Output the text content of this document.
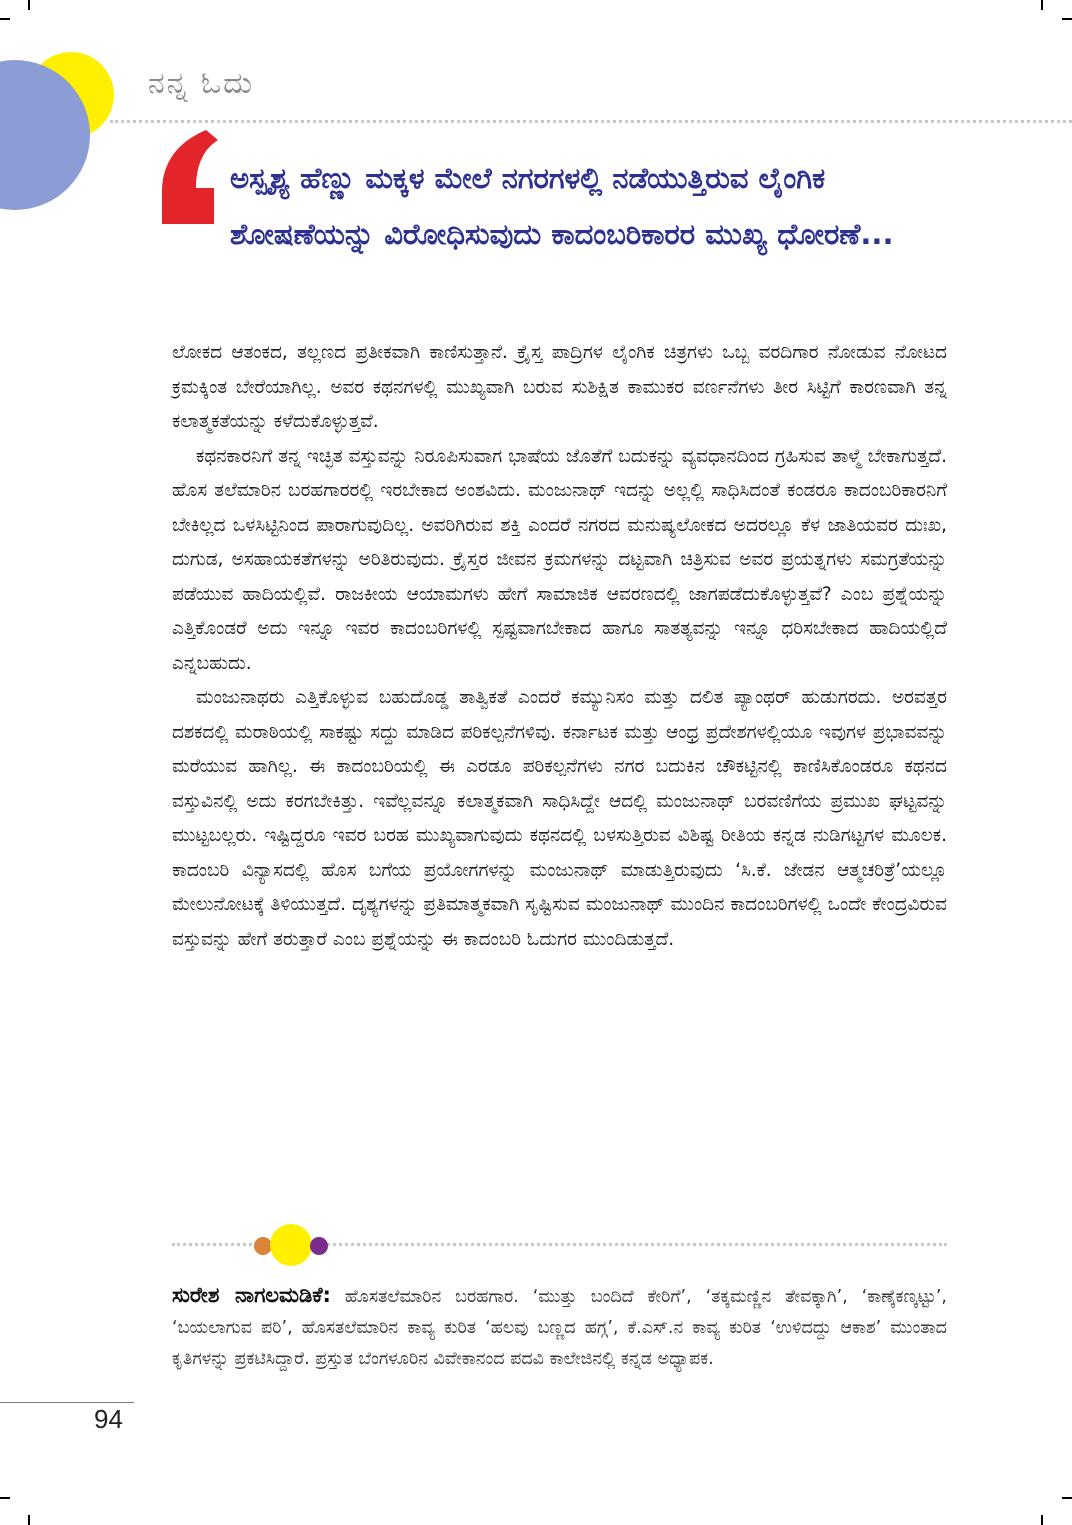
ನನ್ನ ಓದು

ಅಸ್ಪೃಶ್ಯ ಹೆಣ್ಣು ಮಕ್ಕಳ ಮೇಲೆ ನಗರಗಳಲ್ಲಿ ನಡೆಯುತ್ತಿರುವ ಲೈಂಗಿಕ ಶೋಷಣೆಯನ್ನು ವಿರೋಧಿಸುವುದು ಕಾದಂಬರಿಕಾರರ ಮುಖ್ಯ ಧೋರಣೆ...

ಲೋಕದ ಆತಂಕದ, ತಲ್ಲಣದ ಪ್ರತೀಕವಾಗಿ ಕಾಣಿಸುತ್ತಾನೆ. ಕ್ರೈಸ್ತ ಪಾದ್ರಿಗಳ ಲೈಂಗಿಕ ಚಿತ್ರಗಳು ಒಬ್ಬ ವರದಿಗಾರ ನೋಡುವ ನೋಟದ ಕ್ರಮಕ್ಕಿಂತ ಬೇರೆಯಾಗಿಲ್ಲ. ಅವರ ಕಥನಗಳಲ್ಲಿ ಮುಖ್ಯವಾಗಿ ಬರುವ ಸುಶಿಕ್ಷಿತ ಕಾಮುಕರ ವರ್ಣನೆಗಳು ತೀರ ಸಿಟ್ಟಿಗೆ ಕಾರಣವಾಗಿ ತನ್ನ ಕಲಾತ್ಮಕತೆಯನ್ನು ಕಳೆದುಕೊಳ್ಳುತ್ತವೆ.

ಕಥನಕಾರನಿಗೆ ತನ್ನ ಇಚ್ಛಿತ ವಸ್ತುವನ್ನು ನಿರೂಪಿಸುವಾಗ ಭಾಷೆಯ ಜೊತೆಗೆ ಬದುಕನ್ನು ವ್ಯವಧಾನದಿಂದ ಗ್ರಹಿಸುವ ತಾಳ್ಮೆ ಬೇಕಾಗುತ್ತದೆ. ಹೊಸ ತಲೆಮಾರಿನ ಬರಹಗಾರರಲ್ಲಿ ಇರಬೇಕಾದ ಅಂಶವಿದು. ಮಂಜುನಾಥ್ ಇದನ್ನು ಅಲ್ಲಲ್ಲಿ ಸಾಧಿಸಿದಂತೆ ಕಂಡರೂ ಕಾದಂಬರಿಕಾರನಿಗೆ ಬೇಕಿಲ್ಲದ ಒಳಸಿಟ್ಟಿನಿಂದ ಪಾರಾಗುವುದಿಲ್ಲ. ಅವರಿಗಿರುವ ಶಕ್ತಿ ಎಂದರೆ ನಗರದ ಮನುಷ್ಯಲೋಕದ ಅದರಲ್ಲೂ ಕೆಳ ಜಾತಿಯವರ ದುಃಖ, ದುಗುಡ, ಅಸಹಾಯಕತೆಗಳನ್ನು ಅರಿತಿರುವುದು. ಕ್ರೈಸ್ತರ ಜೀವನ ಕ್ರಮಗಳನ್ನು ದಟ್ಟವಾಗಿ ಚಿತ್ರಿಸುವ ಅವರ ಪ್ರಯತ್ನಗಳು ಸಮಗ್ರತೆಯನ್ನು ಪಡೆಯುವ ಹಾದಿಯಲ್ಲಿವೆ. ರಾಜಕೀಯ ಆಯಾಮಗಳು ಹೇಗೆ ಸಾಮಾಜಿಕ ಆವರಣದಲ್ಲಿ ಜಾಗಪಡೆದುಕೊಳ್ಳುತ್ತವೆ? ಎಂಬ ಪ್ರಶ್ನೆಯನ್ನು ಎತ್ತಿಕೊಂಡರೆ ಅದು ಇನ್ನೂ ಇವರ ಕಾದಂಬರಿಗಳಲ್ಲಿ ಸ್ಪಷ್ಟವಾಗಬೇಕಾದ ಹಾಗೂ ಸಾತತ್ಯವನ್ನು ಇನ್ನೂ ಧರಿಸಬೇಕಾದ ಹಾದಿಯಲ್ಲಿದೆ ಎನ್ನಬಹುದು.

ಮಂಜುನಾಥರು ಎತ್ತಿಕೊಳ್ಳುವ ಬಹುದೊಡ್ಡ ತಾತ್ವಿಕತೆ ಎಂದರೆ ಕಮ್ಯುನಿಸಂ ಮತ್ತು ದಲಿತ ಪ್ಯಾಂಥರ್ ಹುಡುಗರದು. ಅರವತ್ತರ ದಶಕದಲ್ಲಿ ಮರಾಠಿಯಲ್ಲಿ ಸಾಕಷ್ಟು ಸದ್ದು ಮಾಡಿದ ಪರಿಕಲ್ಪನೆಗಳಿವು. ಕರ್ನಾಟಕ ಮತ್ತು ಆಂಧ್ರ ಪ್ರದೇಶಗಳಲ್ಲಿಯೂ ಇವುಗಳ ಪ್ರಭಾವವನ್ನು ಮರೆಯುವ ಹಾಗಿಲ್ಲ. ಈ ಕಾದಂಬರಿಯಲ್ಲಿ ಈ ಎರಡೂ ಪರಿಕಲ್ಪನೆಗಳು ನಗರ ಬದುಕಿನ ಚೌಕಟ್ಟಿನಲ್ಲಿ ಕಾಣಿಸಿಕೊಂಡರೂ ಕಥನದ ವಸ್ತುವಿನಲ್ಲಿ ಅದು ಕರಗಬೇಕಿತ್ತು. ಇವೆಲ್ಲವನ್ನೂ ಕಲಾತ್ಮಕವಾಗಿ ಸಾಧಿಸಿದ್ದೇ ಆದಲ್ಲಿ ಮಂಜುನಾಥ್ ಬರವಣಿಗೆಯ ಪ್ರಮುಖ ಘಟ್ಟವನ್ನು ಮುಟ್ಟಬಲ್ಲರು. ಇಷ್ಟಿದ್ದರೂ ಇವರ ಬರಹ ಮುಖ್ಯವಾಗುವುದು ಕಥನದಲ್ಲಿ ಬಳಸುತ್ತಿರುವ ವಿಶಿಷ್ಟ ರೀತಿಯ ಕನ್ನಡ ನುಡಿಗಟ್ಟಗಳ ಮೂಲಕ. ಕಾದಂಬರಿ ವಿನ್ಯಾಸದಲ್ಲಿ ಹೊಸ ಬಗೆಯ ಪ್ರಯೋಗಗಳನ್ನು ಮಂಜುನಾಥ್ ಮಾಡುತ್ತಿರುವುದು ‘ಸಿ.ಕೆ. ಜೇಡನ ಆತ್ಮಚರಿತ್ರೆ’ಯಲ್ಲೂ ಮೇಲುನೋಟಕ್ಕೆ ತಿಳಿಯುತ್ತದೆ. ದೃಶ್ಯಗಳನ್ನು ಪ್ರತಿಮಾತ್ಮಕವಾಗಿ ಸೃಷ್ಟಿಸುವ ಮಂಜುನಾಥ್ ಮುಂದಿನ ಕಾದಂಬರಿಗಳಲ್ಲಿ ಒಂದೇ ಕೇಂದ್ರವಿರುವ ವಸ್ತುವನ್ನು ಹೇಗೆ ತರುತ್ತಾರೆ ಎಂಬ ಪ್ರಶ್ನೆಯನ್ನು ಈ ಕಾದಂಬರಿ ಓದುಗರ ಮುಂದಿಡುತ್ತದೆ.

ಸುರೇಶ ನಾಗಲಮಡಿಕೆ: ಹೊಸತಲೆಮಾರಿನ ಬರಹಗಾರ. ‘ಮುತ್ತು ಬಂದಿದೆ ಕೇರಿಗೆ’, ‘ತಕ್ಕಮಣ್ಣಿನ ತೇವಕ್ಕಾಗಿ’, ‘ಕಾಣ್ಕೆಕಣ್ಕಟ್ಟು’, ‘ಬಯಲಾಗುವ ಪರಿ’, ಹೊಸತಲೆಮಾರಿನ ಕಾವ್ಯ ಕುರಿತ ‘ಹಲವು ಬಣ್ಣದ ಹಗ್ಗ’, ಕೆ.ಎಸ್.ನ ಕಾವ್ಯ ಕುರಿತ ‘ಉಳಿದದ್ದು ಆಕಾಶ’ ಮುಂತಾದ ಕೃತಿಗಳನ್ನು ಪ್ರಕಟಿಸಿದ್ದಾರೆ. ಪ್ರಸ್ತುತ ಬೆಂಗಳೂರಿನ ವಿವೇಕಾನಂದ ಪದವಿ ಕಾಲೇಜಿನಲ್ಲಿ ಕನ್ನಡ ಅಧ್ಯಾಪಕ.

94
